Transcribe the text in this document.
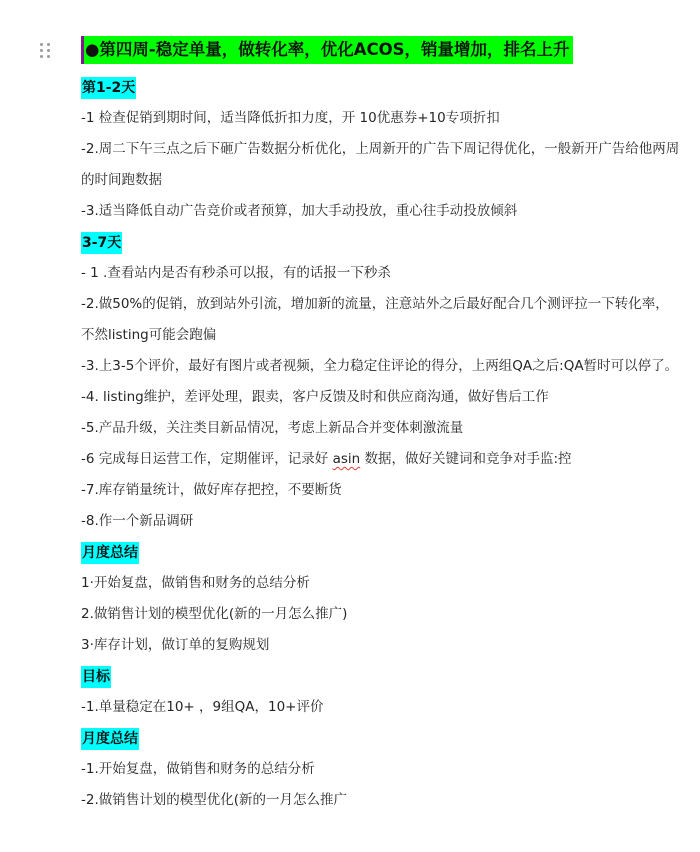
●第四周-稳定单量，做转化率，优化ACOS，销量增加，排名上升
第1-2天

-1 检查促销到期时间，适当降低折扣力度，开 10优惠券+10专项折扣

-2.周二下午三点之后下砸广告数据分析优化，上周新开的广告下周记得优化，一般新开广告给他两周的时间跑数据

-3.适当降低自动广告竞价或者预算，加大手动投放，重心往手动投放倾斜

3-7天

- 1 .查看站内是否有秒杀可以报，有的话报一下秒杀

-2.做50%的促销，放到站外引流，增加新的流量，注意站外之后最好配合几个测评拉一下转化率，不然listing可能会跑偏

-3.上3-5个评价，最好有图片或者视频，全力稳定住评论的得分，上两组QA之后:QA暂时可以停了。

-4. listing维护，差评处理，跟卖，客户反馈及时和供应商沟通，做好售后工作

-5.产品升级，关注类目新品情况，考虑上新品合并变体刺激流量

-6 完成每日运营工作，定期催评，记录好 asin 数据，做好关键词和竞争对手监:控

-7.库存销量统计，做好库存把控，不要断货

-8.作一个新品调研

月度总结

1·开始复盘，做销售和财务的总结分析

2.做销售计划的模型优化(新的一月怎么推广)

3·库存计划，做订单的复购规划

目标

-1.单量稳定在10+ ，9组QA，10+评价

月度总结

-1.开始复盘，做销售和财务的总结分析

-2.做销售计划的模型优化(新的一月怎么推广
